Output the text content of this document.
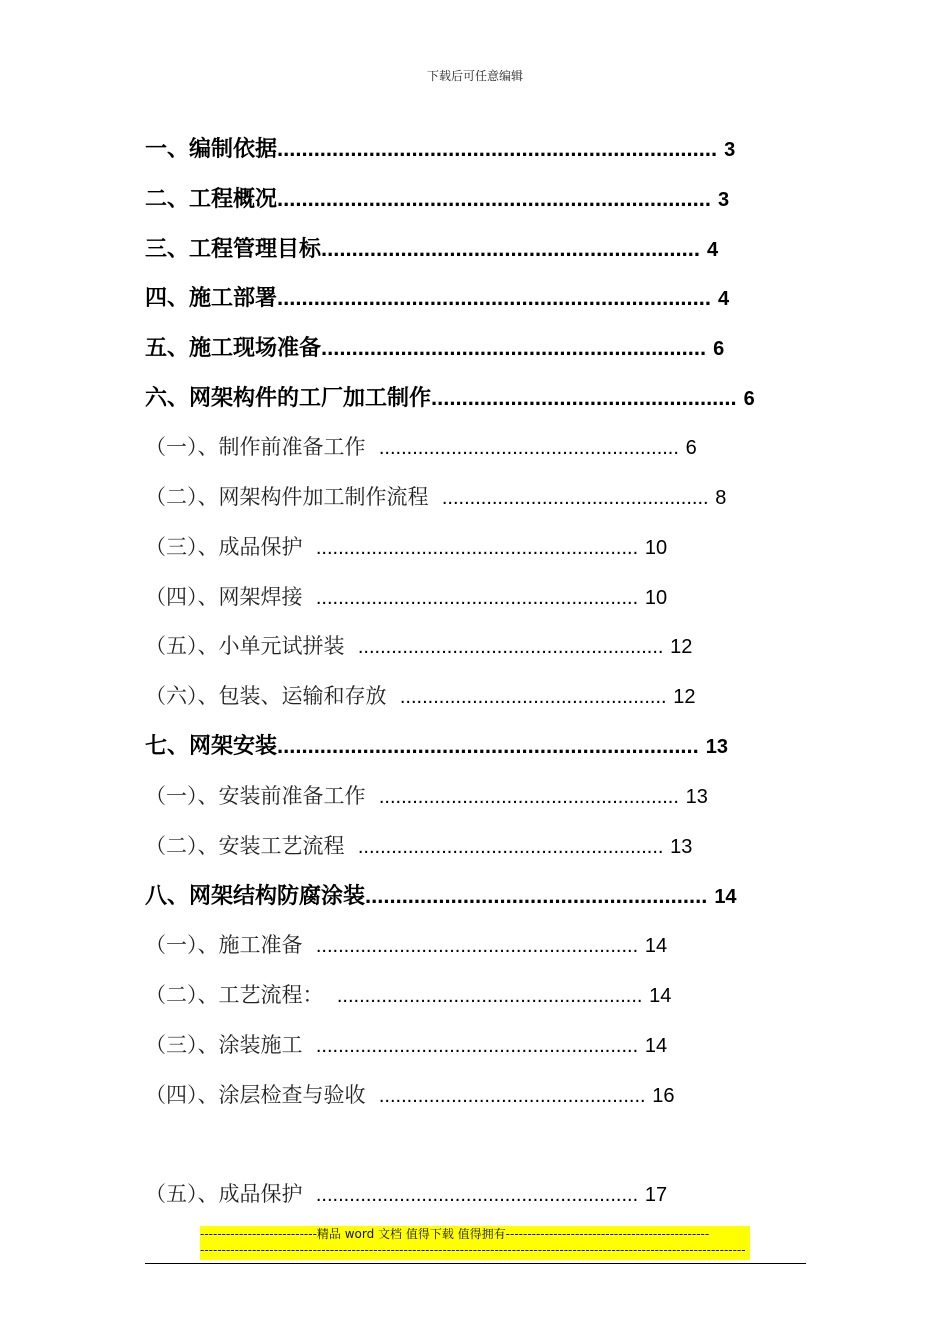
下载后可任意编辑
一、编制依据........................................................................ 3
二、工程概况....................................................................... 3
三、工程管理目标.............................................................. 4
四、施工部署....................................................................... 4
五、施工现场准备............................................................... 6
六、网架构件的工厂加工制作.................................................. 6
（一）、制作前准备工作 ...................................................... 6
（二）、网架构件加工制作流程 ................................................ 8
（三）、成品保护 .......................................................... 10
（四）、网架焊接 .......................................................... 10
（五）、小单元试拼装 ....................................................... 12
（六）、包装、运输和存放 ................................................ 12
七、网架安装..................................................................... 13
（一）、安装前准备工作 ...................................................... 13
（二）、安装工艺流程 ....................................................... 13
八、网架结构防腐涂装........................................................ 14
（一）、施工准备 .......................................................... 14
（二）、工艺流程： ....................................................... 14
（三）、涂装施工 .......................................................... 14
（四）、涂层检查与验收 ................................................ 16
（五）、成品保护 .......................................................... 17
---------------------------精品 word 文档 值得下载 值得拥有-----------------------------------------------
------------------------------------------------------------------------------------------------------------------------------
